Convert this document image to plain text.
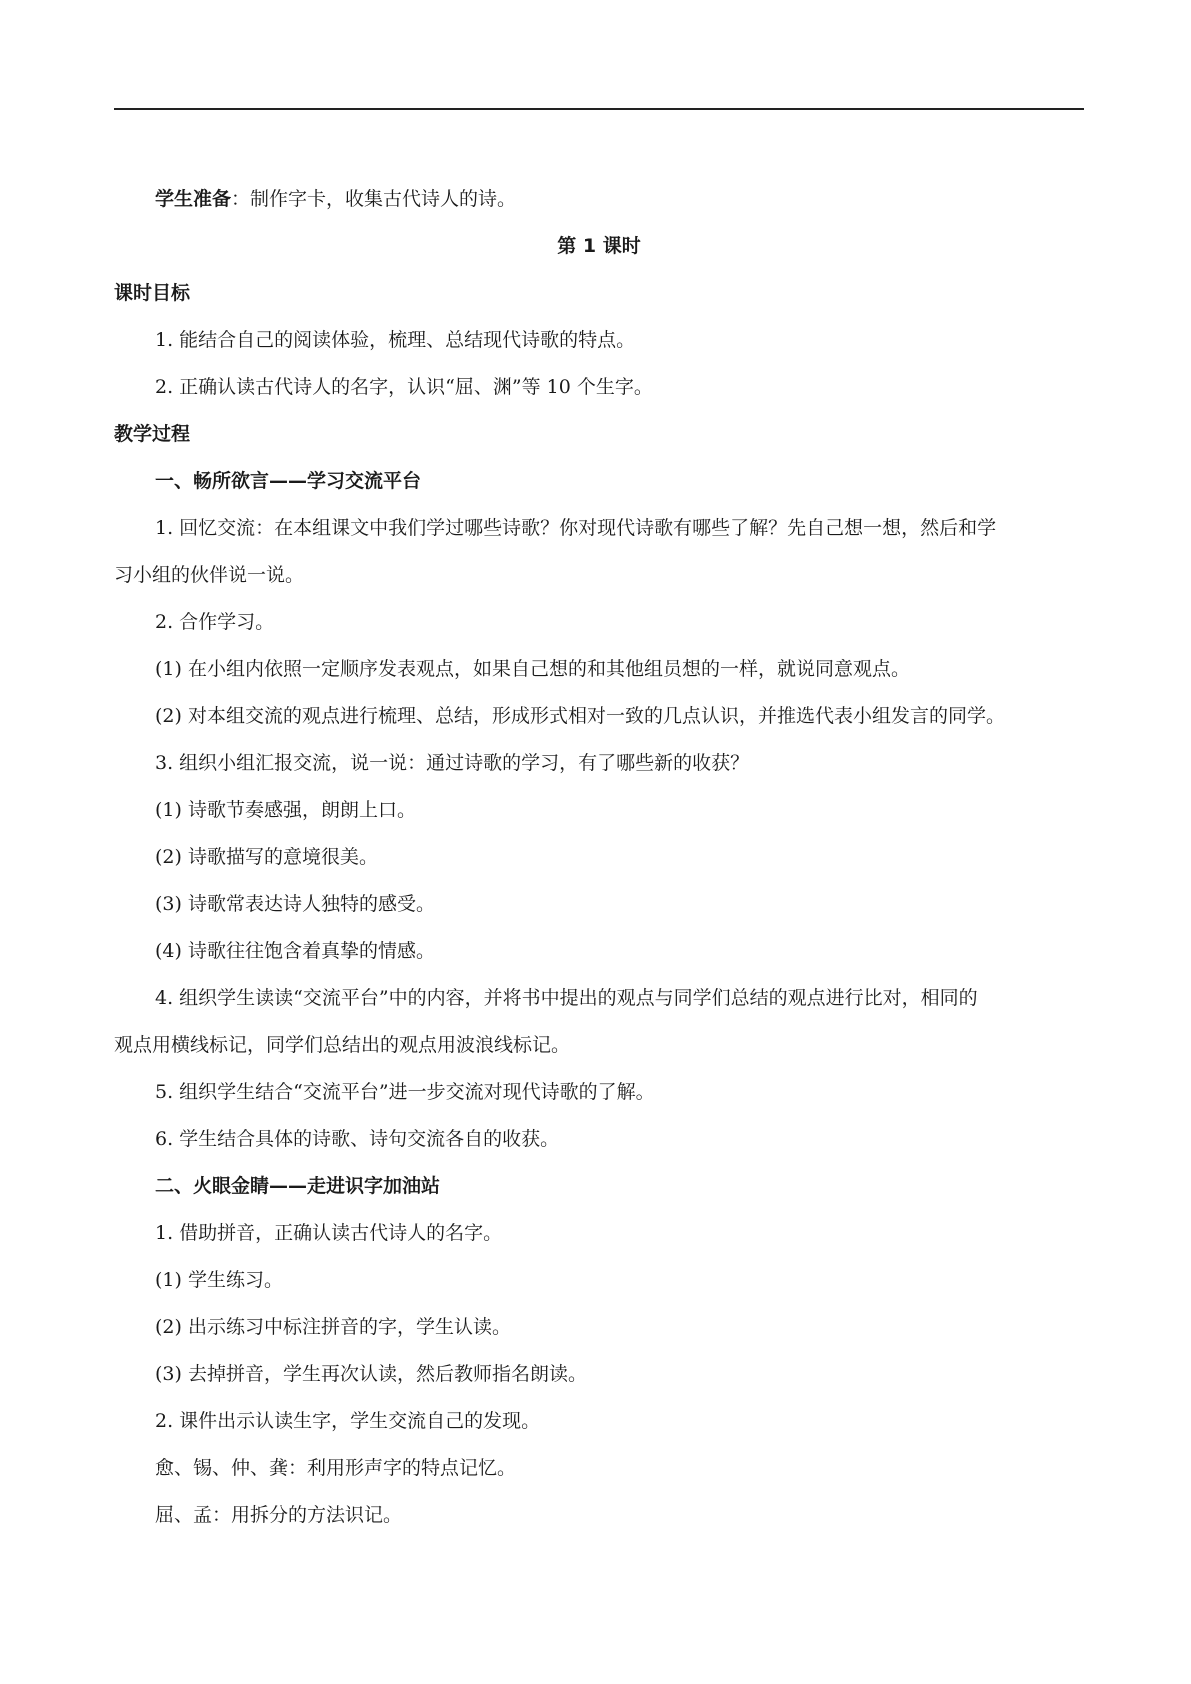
学生准备：制作字卡，收集古代诗人的诗。

第 1 课时

课时目标

1. 能结合自己的阅读体验，梳理、总结现代诗歌的特点。

2. 正确认读古代诗人的名字，认识“屈、渊”等 10 个生字。

教学过程

一、畅所欲言——学习交流平台

1. 回忆交流：在本组课文中我们学过哪些诗歌？你对现代诗歌有哪些了解？先自己想一想，然后和学

习小组的伙伴说一说。

2. 合作学习。

(1) 在小组内依照一定顺序发表观点，如果自己想的和其他组员想的一样，就说同意观点。

(2) 对本组交流的观点进行梳理、总结，形成形式相对一致的几点认识，并推选代表小组发言的同学。

3. 组织小组汇报交流，说一说：通过诗歌的学习，有了哪些新的收获？

(1) 诗歌节奏感强，朗朗上口。

(2) 诗歌描写的意境很美。

(3) 诗歌常表达诗人独特的感受。

(4) 诗歌往往饱含着真挚的情感。

4. 组织学生读读“交流平台”中的内容，并将书中提出的观点与同学们总结的观点进行比对，相同的

观点用横线标记，同学们总结出的观点用波浪线标记。

5. 组织学生结合“交流平台”进一步交流对现代诗歌的了解。

6. 学生结合具体的诗歌、诗句交流各自的收获。

二、火眼金睛——走进识字加油站

1. 借助拼音，正确认读古代诗人的名字。

(1) 学生练习。

(2) 出示练习中标注拼音的字，学生认读。

(3) 去掉拼音，学生再次认读，然后教师指名朗读。

2. 课件出示认读生字，学生交流自己的发现。

愈、锡、仲、龚：利用形声字的特点记忆。

屈、孟：用拆分的方法识记。
